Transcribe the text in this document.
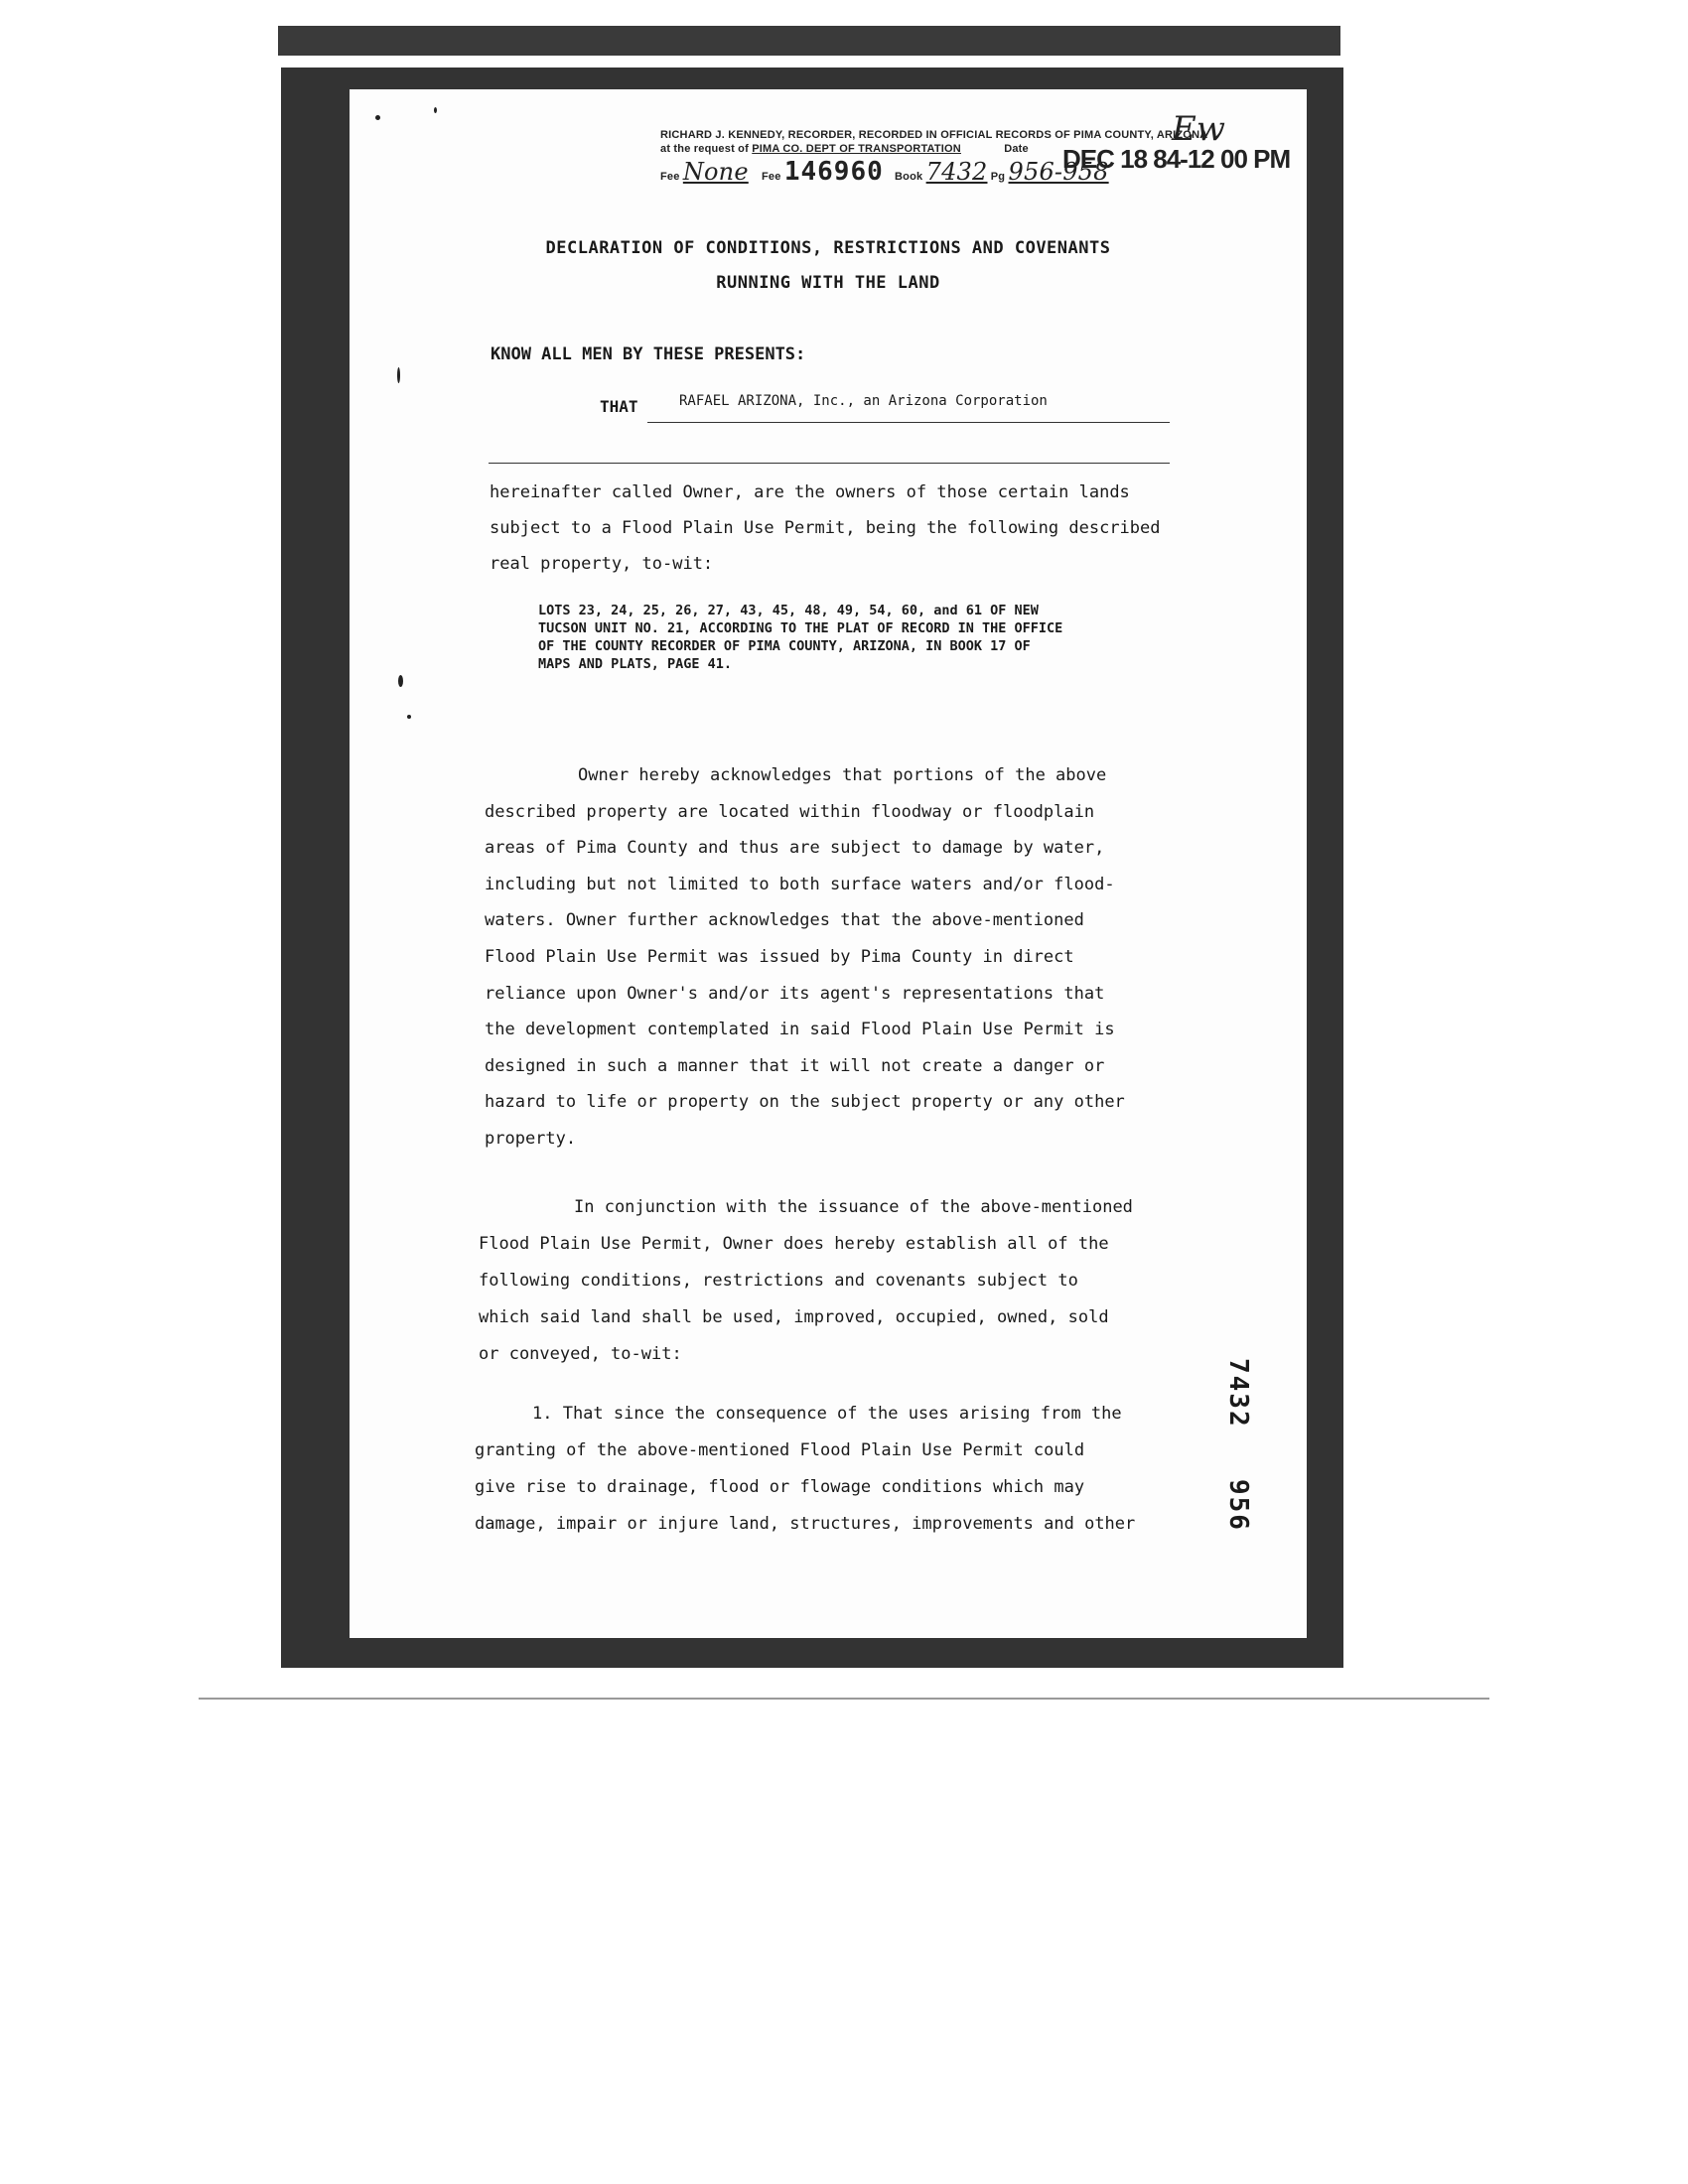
RICHARD J. KENNEDY, RECORDER, RECORDED IN OFFICIAL RECORDS OF PIMA COUNTY, ARIZONA
at the request of PIMA CO. DEPT OF TRANSPORTATION	Date
Fee None Fee 146960 Book 7432 Pg 956-958
DEC 18 84-12 00 PM
Ew
DECLARATION OF CONDITIONS, RESTRICTIONS AND COVENANTS
RUNNING WITH THE LAND
KNOW ALL MEN BY THESE PRESENTS:
THAT	RAFAEL ARIZONA, Inc., an Arizona Corporation
hereinafter called Owner, are the owners of those certain lands
subject to a Flood Plain Use Permit, being the following described
real property, to-wit:
LOTS 23, 24, 25, 26, 27, 43, 45, 48, 49, 54, 60, and 61 OF NEW
TUCSON UNIT NO. 21, ACCORDING TO THE PLAT OF RECORD IN THE OFFICE
OF THE COUNTY RECORDER OF PIMA COUNTY, ARIZONA, IN BOOK 17 OF
MAPS AND PLATS, PAGE 41.
Owner hereby acknowledges that portions of the above
described property are located within floodway or floodplain
areas of Pima County and thus are subject to damage by water,
including but not limited to both surface waters and/or flood-
waters. Owner further acknowledges that the above-mentioned
Flood Plain Use Permit was issued by Pima County in direct
reliance upon Owner's and/or its agent's representations that
the development contemplated in said Flood Plain Use Permit is
designed in such a manner that it will not create a danger or
hazard to life or property on the subject property or any other
property.
In conjunction with the issuance of the above-mentioned
Flood Plain Use Permit, Owner does hereby establish all of the
following conditions, restrictions and covenants subject to
which said land shall be used, improved, occupied, owned, sold
or conveyed, to-wit:
1. That since the consequence of the uses arising from the
granting of the above-mentioned Flood Plain Use Permit could
give rise to drainage, flood or flowage conditions which may
damage, impair or injure land, structures, improvements and other
7432
956
